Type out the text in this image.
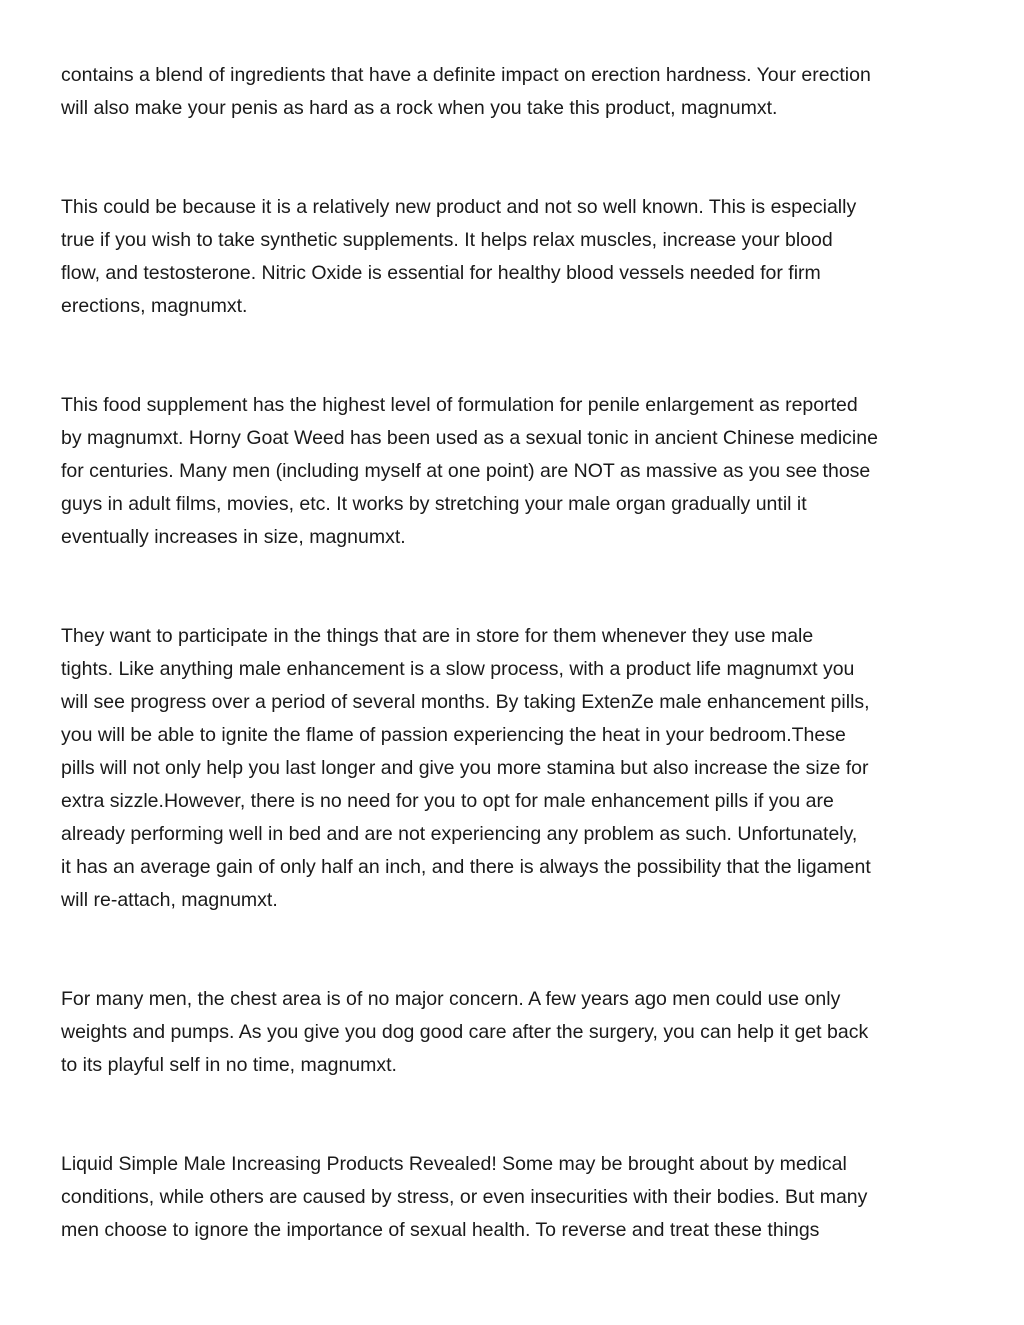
contains a blend of ingredients that have a definite impact on erection hardness. Your erection

will also make your penis as hard as a rock when you take this product, magnumxt.

This could be because it is a relatively new product and not so well known. This is especially

true if you wish to take synthetic supplements. It helps relax muscles, increase your blood

flow, and testosterone. Nitric Oxide is essential for healthy blood vessels needed for firm

erections, magnumxt.

This food supplement has the highest level of formulation for penile enlargement as reported

by magnumxt. Horny Goat Weed has been used as a sexual tonic in ancient Chinese medicine

for centuries. Many men (including myself at one point) are NOT as massive as you see those

guys in adult films, movies, etc. It works by stretching your male organ gradually until it

eventually increases in size, magnumxt.

They want to participate in the things that are in store for them whenever they use male

tights. Like anything male enhancement is a slow process, with a product life magnumxt you

will see progress over a period of several months. By taking ExtenZe male enhancement pills,

you will be able to ignite the flame of passion experiencing the heat in your bedroom.These

pills will not only help you last longer and give you more stamina but also increase the size for

extra sizzle.However, there is no need for you to opt for male enhancement pills if you are

already performing well in bed and are not experiencing any problem as such. Unfortunately,

it has an average gain of only half an inch, and there is always the possibility that the ligament

will re-attach, magnumxt.

For many men, the chest area is of no major concern. A few years ago men could use only

weights and pumps. As you give you dog good care after the surgery, you can help it get back

to its playful self in no time, magnumxt.

Liquid Simple Male Increasing Products Revealed! Some may be brought about by medical

conditions, while others are caused by stress, or even insecurities with their bodies. But many

men choose to ignore the importance of sexual health. To reverse and treat these things
